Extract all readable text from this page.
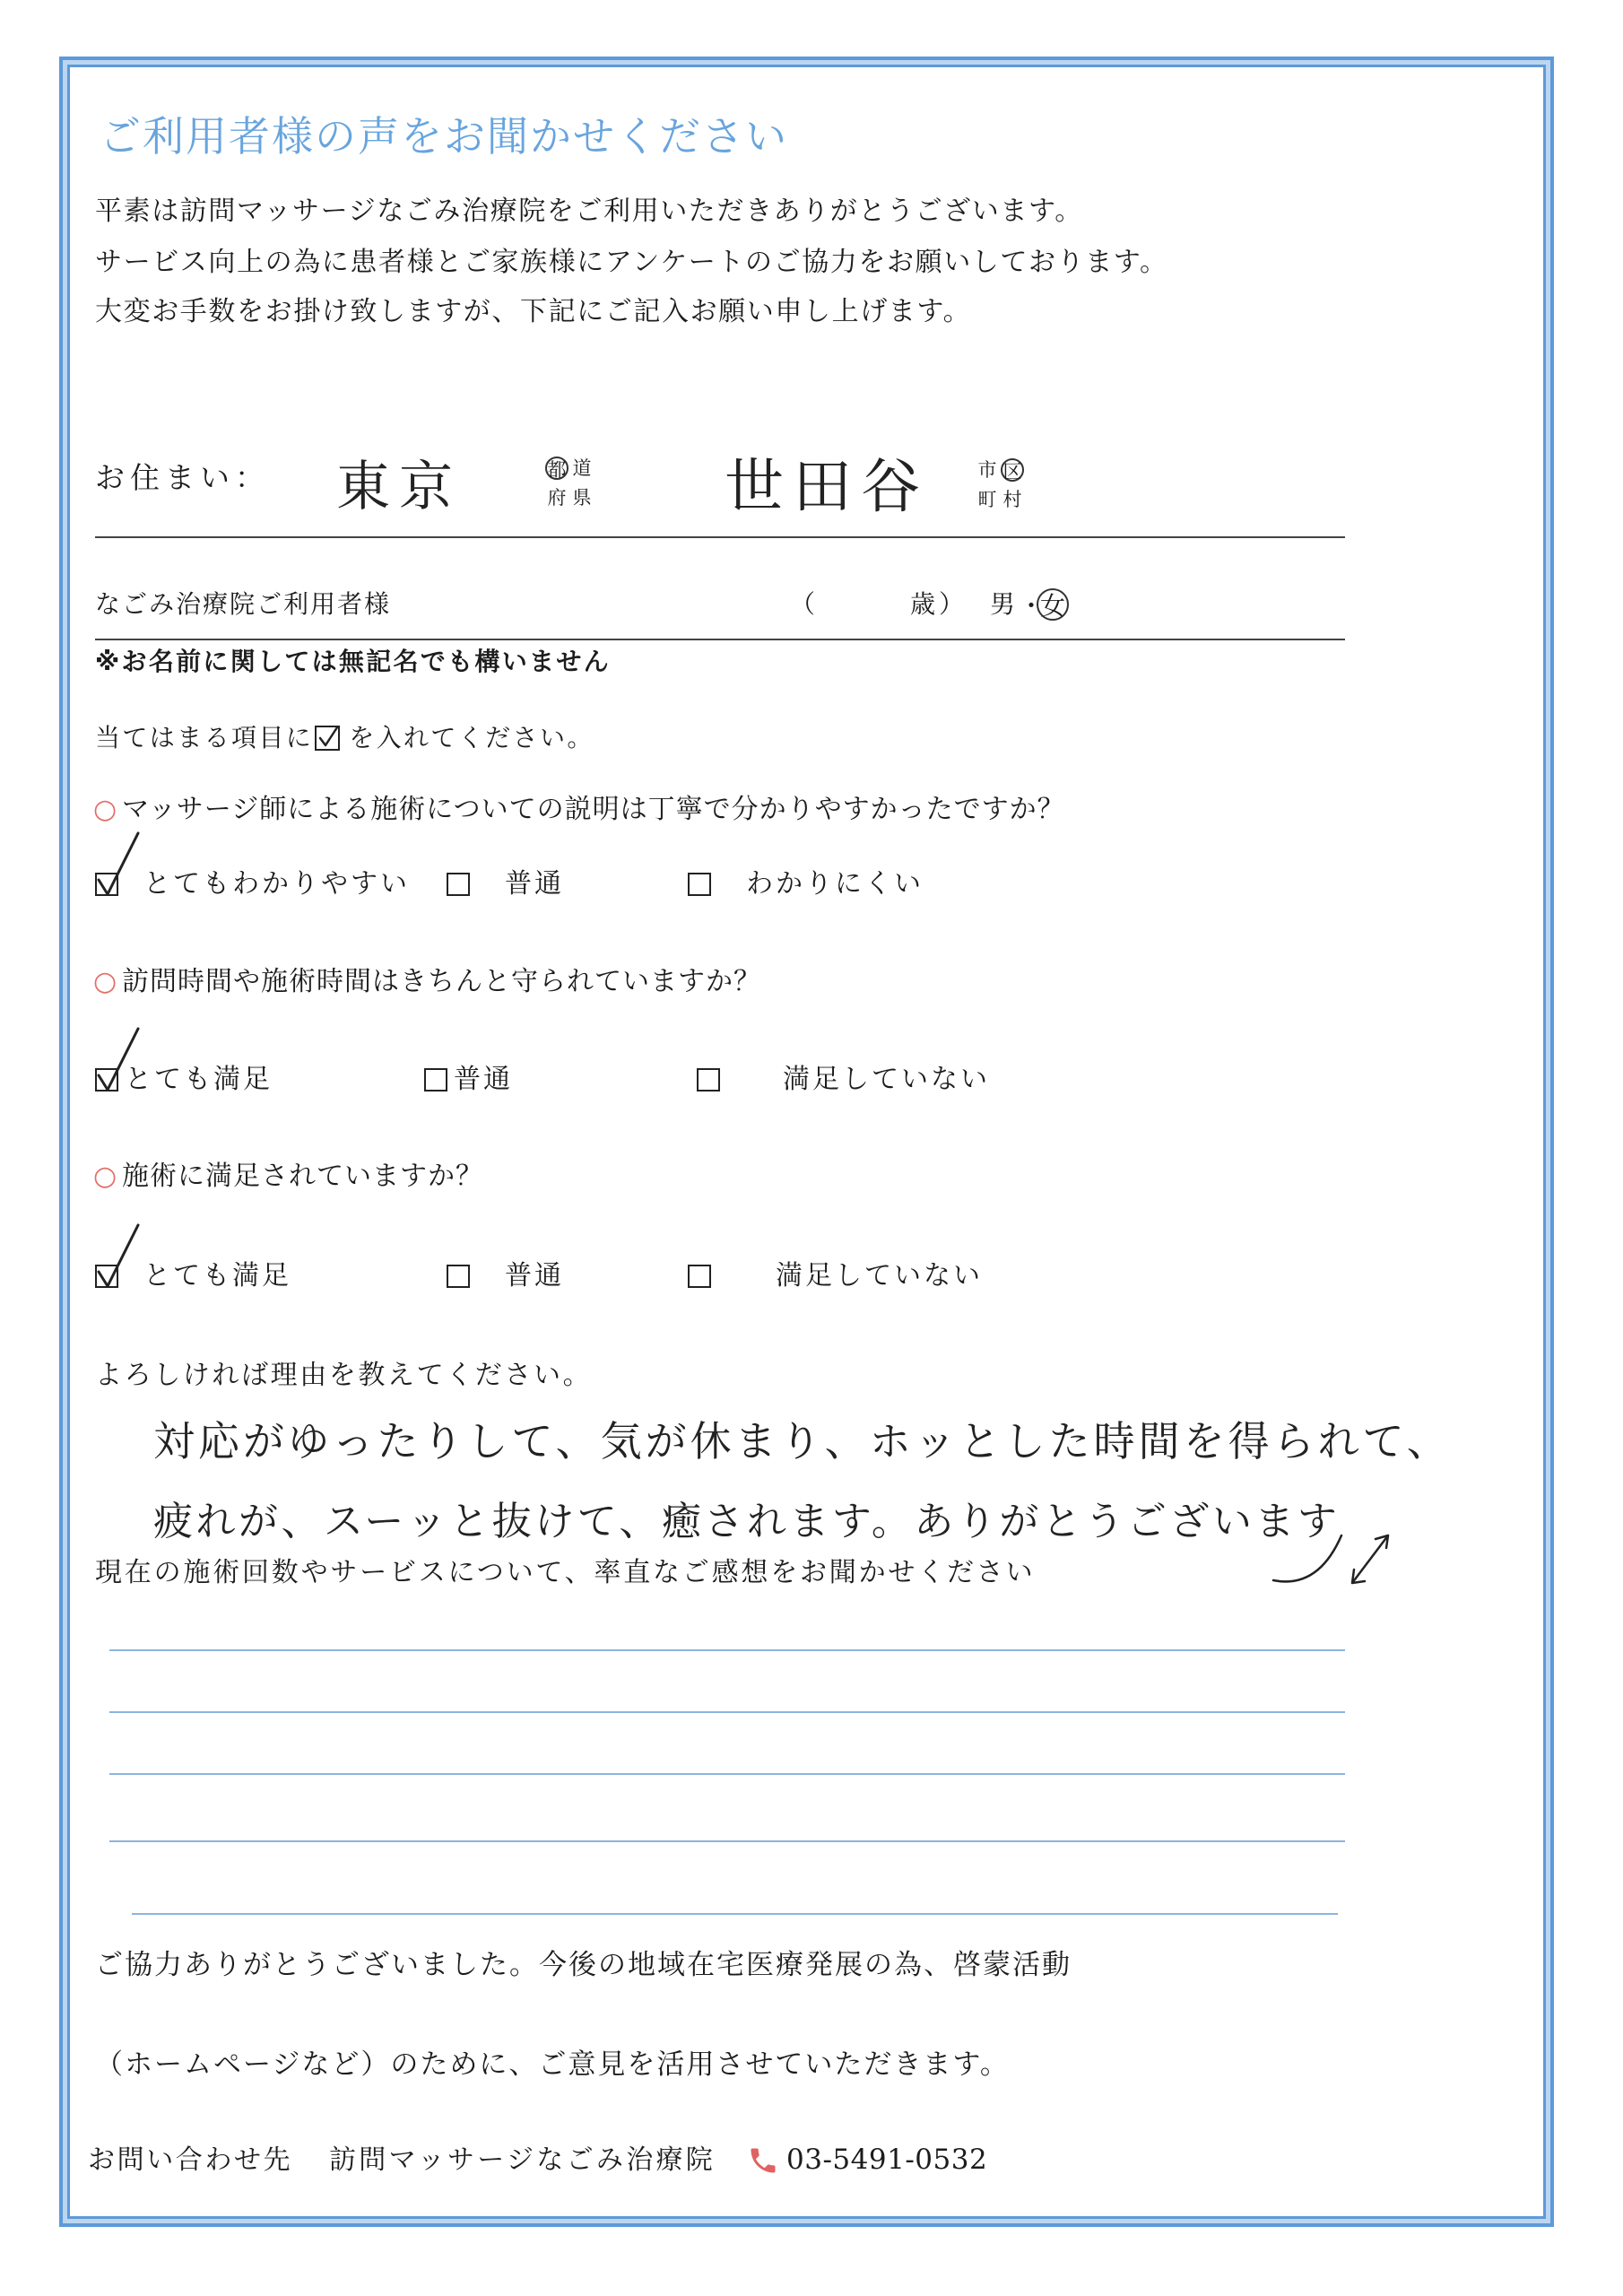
ご利用者様の声をお聞かせください
平素は訪問マッサージなごみ治療院をご利用いただきありがとうございます。
サービス向上の為に患者様とご家族様にアンケートのご協力をお願いしております。
大変お手数をお掛け致しますが、下記にご記入お願い申し上げます。
お住まい： 東京	都 道
府 県 世田谷	市 区
町 村
なごみ治療院ご利用者様	（	歳） 男 ・
女
※お名前に関しては無記名でも構いません
当てはまる項目に を入れてください。
○ マッサージ師による施術についての説明は丁寧で分かりやすかったですか？
とてもわかりやすい	普通	わかりにくい
○ 訪問時間や施術時間はきちんと守られていますか？
とても満足	普通	満足していない
○ 施術に満足されていますか？
とても満足	普通	満足していない
よろしければ理由を教えてください。
対応がゆったりして、気が休まり、ホッとした時間を得られて、
疲れが、スーッと抜けて、癒されます。ありがとうございます
現在の施術回数やサービスについて、率直なご感想をお聞かせください
ご協力ありがとうございました。今後の地域在宅医療発展の為、啓蒙活動
（ホームページなど）のために、ご意見を活用させていただきます。
お問い合わせ先 訪問マッサージなごみ治療院	03-5491-0532
